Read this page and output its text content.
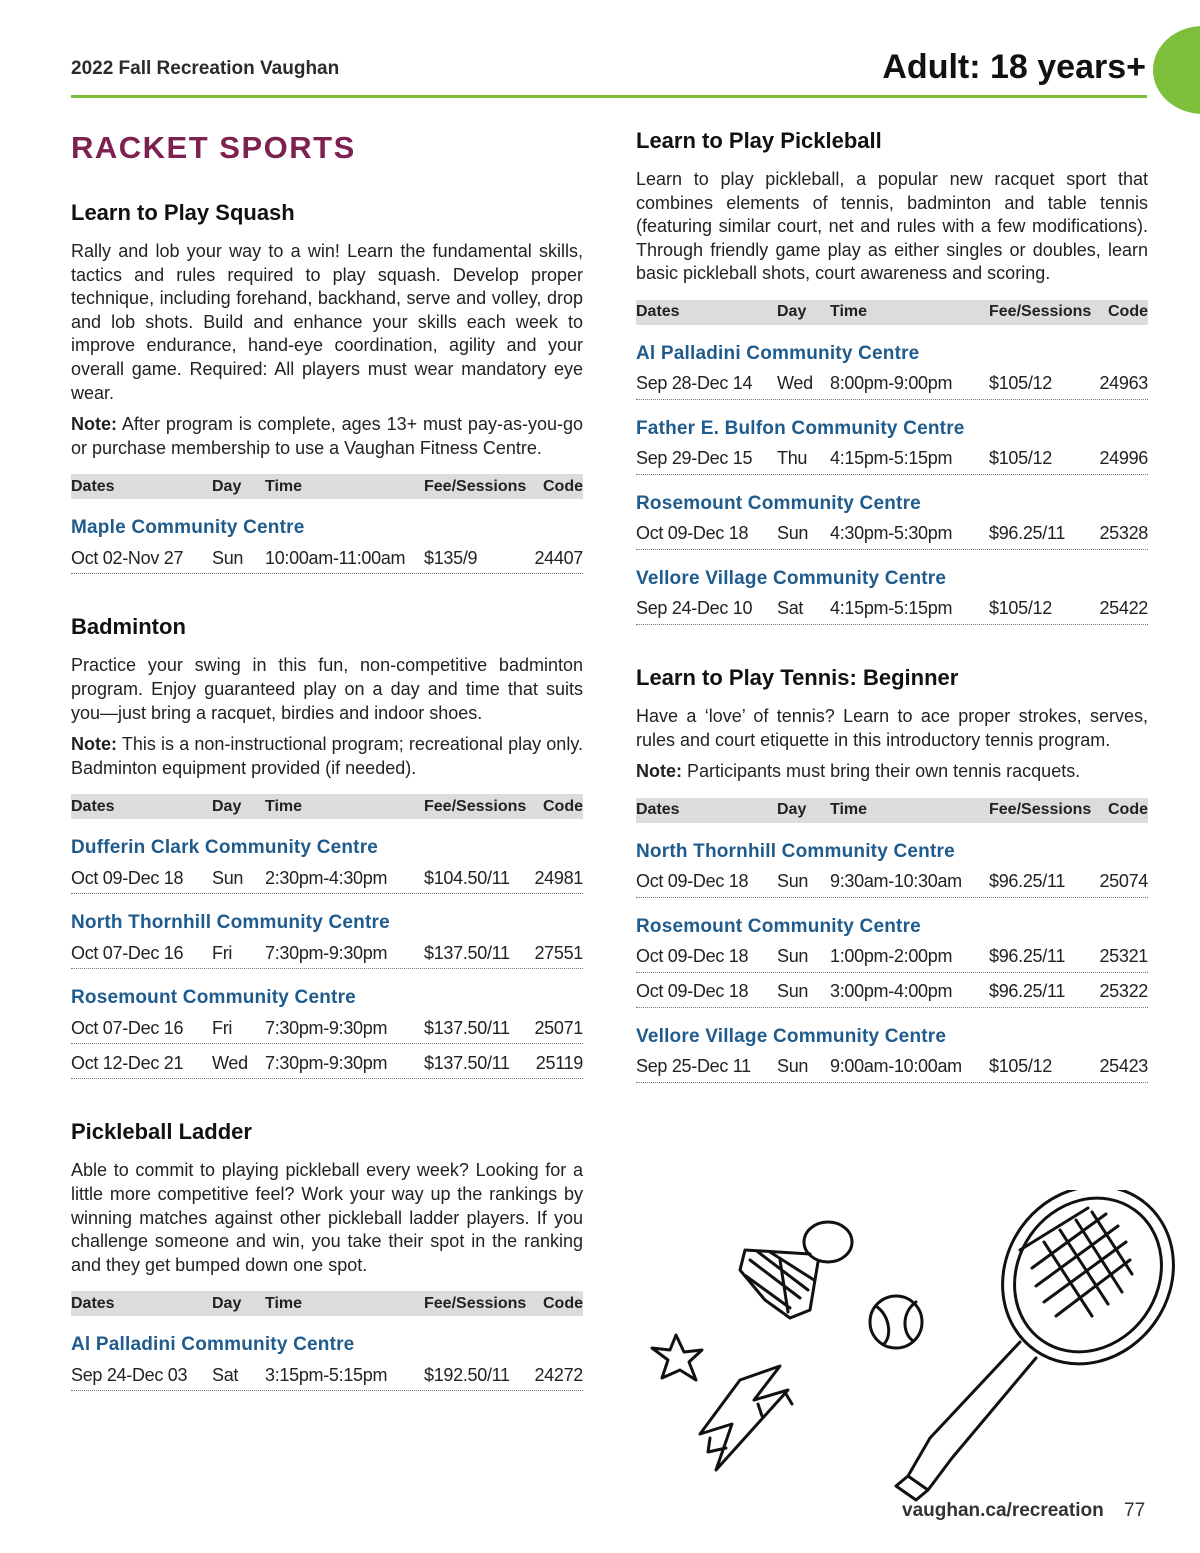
2022 Fall Recreation Vaughan	Adult: 18 years+
RACKET SPORTS
Learn to Play Squash

Rally and lob your way to a win! Learn the fundamental skills, tactics and rules required to play squash. Develop proper technique, including forehand, backhand, serve and volley, drop and lob shots. Build and enhance your skills each week to improve endurance, hand-eye coordination, agility and your overall game. Required: All players must wear mandatory eye wear.

Note: After program is complete, ages 13+ must pay-as-you-go or purchase membership to use a Vaughan Fitness Centre.

Dates	Day	Time	Fee/Sessions	Code
Maple Community Centre
Oct 02-Nov 27	Sun	10:00am-11:00am	$135/9	24407
Badminton

Practice your swing in this fun, non-competitive badminton program. Enjoy guaranteed play on a day and time that suits you—just bring a racquet, birdies and indoor shoes.

Note: This is a non-instructional program; recreational play only. Badminton equipment provided (if needed).

Dates	Day	Time	Fee/Sessions	Code
Dufferin Clark Community Centre
Oct 09-Dec 18	Sun	2:30pm-4:30pm	$104.50/11	24981
North Thornhill Community Centre
Oct 07-Dec 16	Fri	7:30pm-9:30pm	$137.50/11	27551
Rosemount Community Centre
Oct 07-Dec 16	Fri	7:30pm-9:30pm	$137.50/11	25071
Oct 12-Dec 21	Wed 7:30pm-9:30pm	$137.50/11	25119
Pickleball Ladder

Able to commit to playing pickleball every week? Looking for a little more competitive feel? Work your way up the rankings by winning matches against other pickleball ladder players. If you challenge someone and win, you take their spot in the ranking and they get bumped down one spot.

Dates	Day	Time	Fee/Sessions	Code
Al Palladini Community Centre
Sep 24-Dec 03	Sat	3:15pm-5:15pm	$192.50/11	24272
Learn to Play Pickleball

Learn to play pickleball, a popular new racquet sport that combines elements of tennis, badminton and table tennis (featuring similar court, net and rules with a few modifications). Through friendly game play as either singles or doubles, learn basic pickleball shots, court awareness and scoring.

Dates	Day	Time	Fee/Sessions	Code
Al Palladini Community Centre
Sep 28-Dec 14	Wed 8:00pm-9:00pm	$105/12	24963
Father E. Bulfon Community Centre
Sep 29-Dec 15	Thu	4:15pm-5:15pm	$105/12	24996
Rosemount Community Centre
Oct 09-Dec 18	Sun	4:30pm-5:30pm	$96.25/11	25328
Vellore Village Community Centre
Sep 24-Dec 10	Sat	4:15pm-5:15pm	$105/12	25422
Learn to Play Tennis: Beginner

Have a ‘love’ of tennis? Learn to ace proper strokes, serves, rules and court etiquette in this introductory tennis program.

Note: Participants must bring their own tennis racquets.

Dates	Day	Time	Fee/Sessions	Code
North Thornhill Community Centre
Oct 09-Dec 18	Sun	9:30am-10:30am	$96.25/11	25074
Rosemount Community Centre
Oct 09-Dec 18	Sun	1:00pm-2:00pm	$96.25/11	25321
Oct 09-Dec 18	Sun	3:00pm-4:00pm	$96.25/11	25322
Vellore Village Community Centre
Sep 25-Dec 11	Sun	9:00am-10:00am	$105/12	25423
vaughan.ca/recreation 77
